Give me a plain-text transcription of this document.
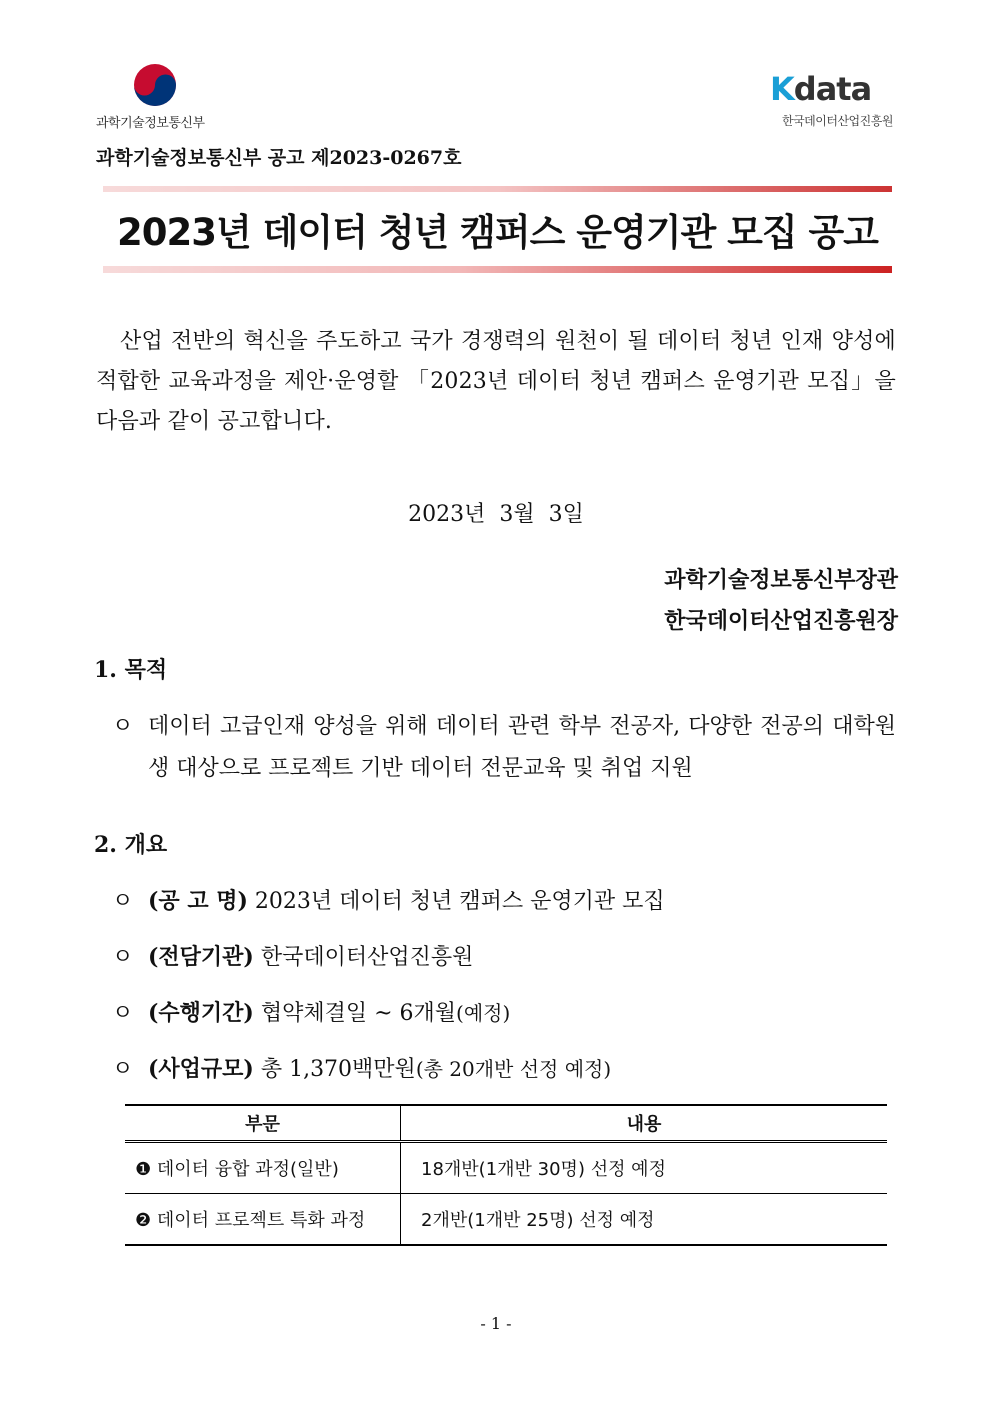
과학기술정보통신부
Kdata
한국데이터산업진흥원
과학기술정보통신부 공고 제2023-0267호
2023년 데이터 청년 캠퍼스 운영기관 모집 공고
산업 전반의 혁신을 주도하고 국가 경쟁력의 원천이 될 데이터 청년 인재 양성에 적합한 교육과정을 제안·운영할 「2023년 데이터 청년 캠퍼스 운영기관 모집」을 다음과 같이 공고합니다.
2023년  3월  3일
과학기술정보통신부장관
한국데이터산업진흥원장
1. 목적
ㅇ 데이터 고급인재 양성을 위해 데이터 관련 학부 전공자, 다양한 전공의 대학원생 대상으로 프로젝트 기반 데이터 전문교육 및 취업 지원
2. 개요
ㅇ (공 고 명) 2023년 데이터 청년 캠퍼스 운영기관 모집
ㅇ (전담기관) 한국데이터산업진흥원
ㅇ (수행기간) 협약체결일 ~ 6개월(예정)
ㅇ (사업규모) 총 1,370백만원(총 20개반 선정 예정)
부문	내용
❶ 데이터 융합 과정(일반)	18개반(1개반 30명) 선정 예정
❷ 데이터 프로젝트 특화 과정	2개반(1개반 25명) 선정 예정
- 1 -
